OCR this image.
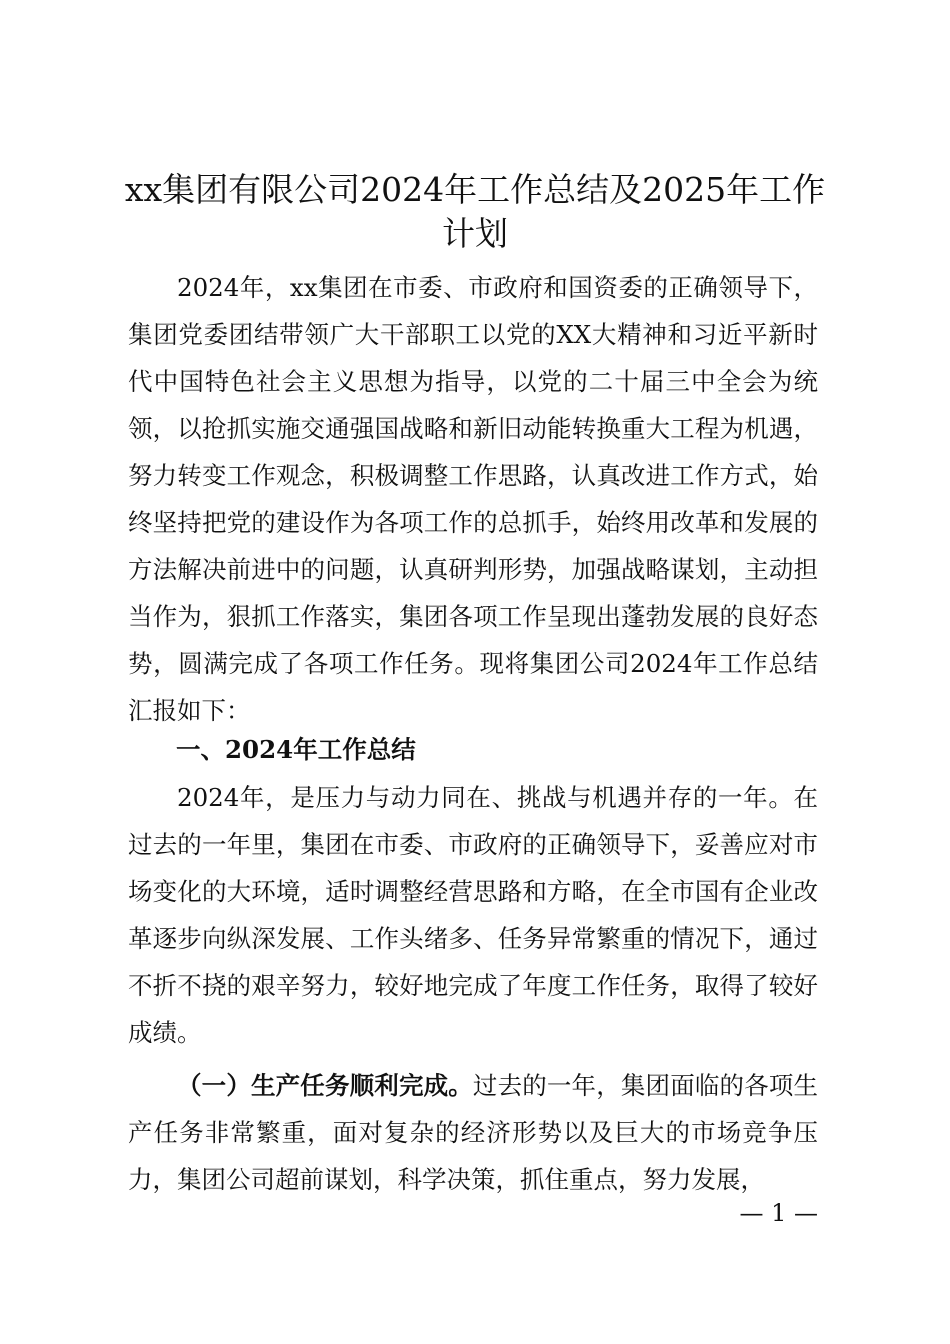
xx集团有限公司2024年工作总结及2025年工作计划

2024年，xx集团在市委、市政府和国资委的正确领导下，集团党委团结带领广大干部职工以党的XX大精神和习近平新时代中国特色社会主义思想为指导，以党的二十届三中全会为统领，以抢抓实施交通强国战略和新旧动能转换重大工程为机遇，努力转变工作观念，积极调整工作思路，认真改进工作方式，始终坚持把党的建设作为各项工作的总抓手，始终用改革和发展的方法解决前进中的问题，认真研判形势，加强战略谋划，主动担当作为，狠抓工作落实，集团各项工作呈现出蓬勃发展的良好态势，圆满完成了各项工作任务。现将集团公司2024年工作总结汇报如下：

一、2024年工作总结

2024年，是压力与动力同在、挑战与机遇并存的一年。在过去的一年里，集团在市委、市政府的正确领导下，妥善应对市场变化的大环境，适时调整经营思路和方略，在全市国有企业改革逐步向纵深发展、工作头绪多、任务异常繁重的情况下，通过不折不挠的艰辛努力，较好地完成了年度工作任务，取得了较好成绩。

（一）生产任务顺利完成。过去的一年，集团面临的各项生产任务非常繁重，面对复杂的经济形势以及巨大的市场竞争压力，集团公司超前谋划，科学决策，抓住重点，努力发展，

— 1 —
